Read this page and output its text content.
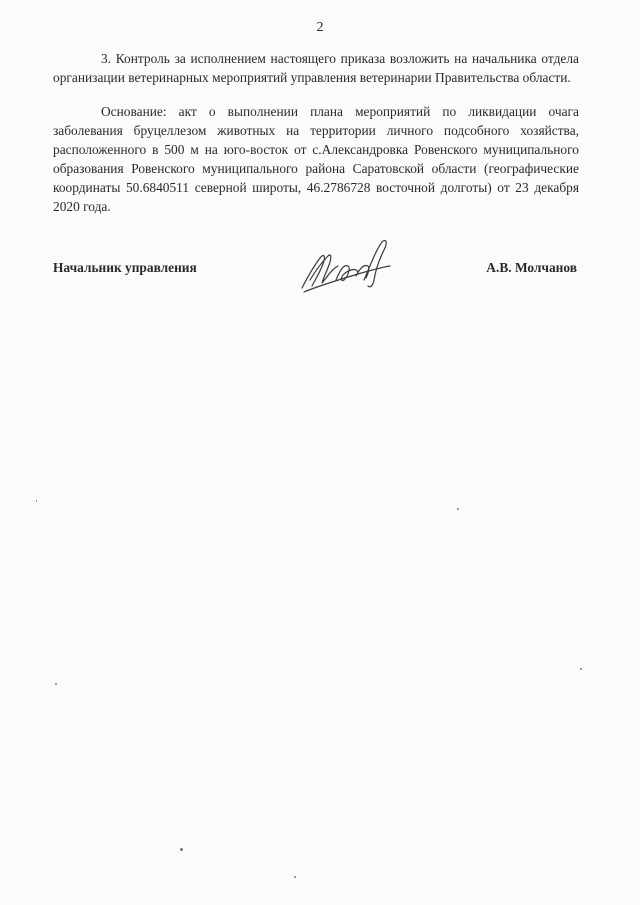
2

3. Контроль за исполнением настоящего приказа возложить на начальника отдела организации ветеринарных мероприятий управления ветеринарии Правительства области.

Основание: акт о выполнении плана мероприятий по ликвидации очага заболевания бруцеллезом животных на территории личного подсобного хозяйства, расположенного в 500 м на юго-восток от с.Александровка Ровенского муниципального образования Ровенского муниципального района Саратовской области (географические координаты 50.6840511 северной широты, 46.2786728 восточной долготы) от 23 декабря 2020 года.

Начальник управления	А.В. Молчанов
